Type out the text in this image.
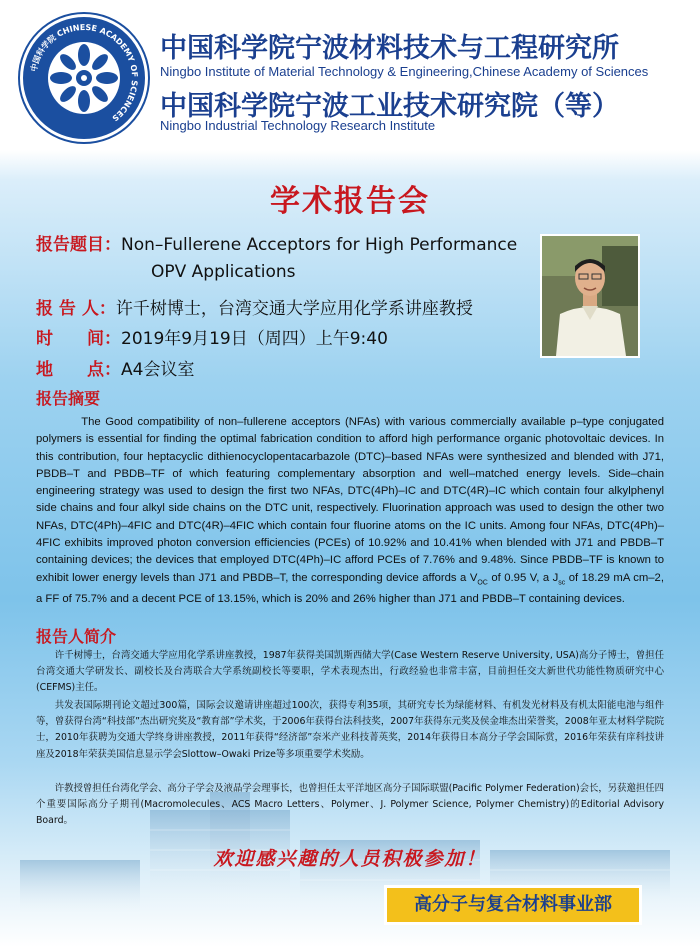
中国科学院 CHINESE ACADEMY OF SCIENCES
中国科学院宁波材料技术与工程研究所
Ningbo Institute of Material Technology & Engineering,Chinese Academy of Sciences
中国科学院宁波工业技术研究院（等）
Ningbo Industrial Technology Research Institute
学术报告会
报告题目：Non–Fullerene Acceptors for High Performance
OPV Applications
报 告 人：许千树博士，台湾交通大学应用化学系讲座教授
时　　间：2019年9月19日（周四）上午9:40
地　　点：A4会议室
报告摘要

The Good compatibility of non–fullerene acceptors (NFAs) with various commercially available p–type conjugated polymers is essential for finding the optimal fabrication condition to afford high performance organic photovoltaic devices. In this contribution, four heptacyclic dithienocyclopentacarbazole (DTC)–based NFAs were synthesized and blended with J71, PBDB–T and PBDB–TF of which featuring complementary absorption and well–matched energy levels. Side–chain engineering strategy was used to design the first two NFAs, DTC(4Ph)–IC and DTC(4R)–IC which contain four alkylphenyl side chains and four alkyl side chains on the DTC unit, respectively. Fluorination approach was used to design the other two NFAs, DTC(4Ph)–4FIC and DTC(4R)–4FIC which contain four fluorine atoms on the IC units. Among four NFAs, DTC(4Ph)–4FIC exhibits improved photon conversion efficiencies (PCEs) of 10.92% and 10.41% when blended with J71 and PBDB–T containing devices; the devices that employed DTC(4Ph)–IC afford PCEs of 7.76% and 9.48%. Since PBDB–TF is known to exhibit lower energy levels than J71 and PBDB–T, the corresponding device affords a $V_{OC}$ of 0.95 V, a $J_{sc}$ of 18.29 mA cm–2, a FF of 75.7% and a decent PCE of 13.15%, which is 20% and 26% higher than J71 and PBDB–T containing devices.

报告人简介

许千树博士，台湾交通大学应用化学系讲座教授，1987年获得美国凯斯西储大学(Case Western Reserve University, USA)高分子博士，曾担任台湾交通大学研发长、副校长及台湾联合大学系统副校长等要职，学术表现杰出，行政经验也非常丰富，目前担任交大新世代功能性物质研究中心(CEFMS)主任。

共发表国际期刊论文超过300篇，国际会议邀请讲座超过100次，获得专利35项，其研究专长为绿能材料、有机发光材料及有机太阳能电池与组件等，曾获得台湾“科技部”杰出研究奖及“教育部”学术奖，于2006年获得台法科技奖，2007年获得东元奖及侯金堆杰出荣誉奖，2008年亚太材料学院院士，2010年获聘为交通大学终身讲座教授，2011年获得“经济部”奈米产业科技菁英奖，2014年获得日本高分子学会国际赏，2016年荣获有庠科技讲座及2018年荣获美国信息显示学会Slottow–Owaki Prize等多项重要学术奖励。

许教授曾担任台湾化学会、高分子学会及液晶学会理事长，也曾担任太平洋地区高分子国际联盟(Pacific Polymer Federation)会长，另获邀担任四个重要国际高分子期刊(Macromolecules、ACS Macro Letters、Polymer、J. Polymer Science, Polymer Chemistry)的Editorial Advisory Board。

欢迎感兴趣的人员积极参加！
高分子与复合材料事业部
